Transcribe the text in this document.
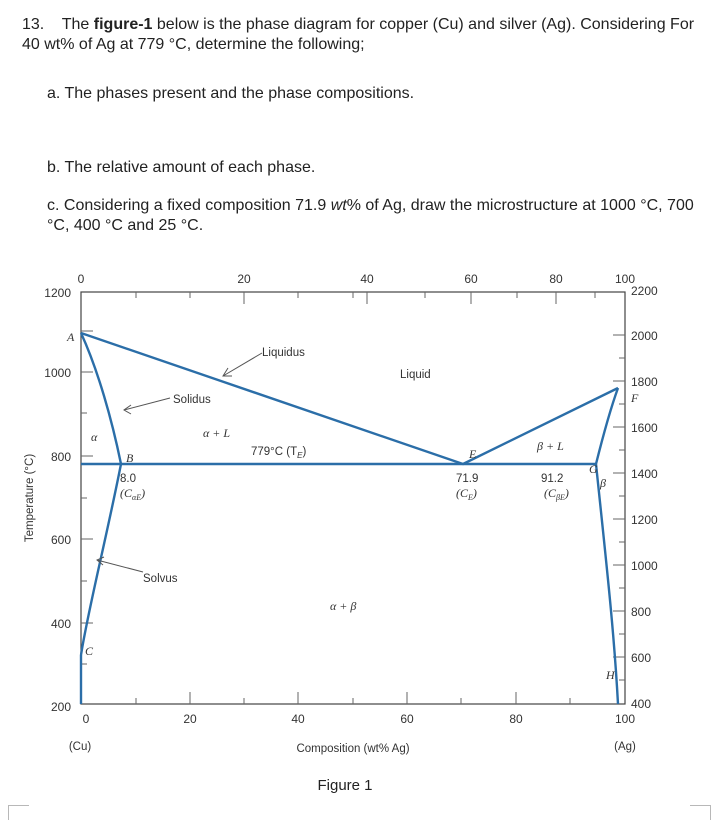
13. The figure-1 below is the phase diagram for copper (Cu) and silver (Ag). Considering For 40 wt% of Ag at 779 °C, determine the following;
a. The phases present and the phase compositions.
b. The relative amount of each phase.
c. Considering a fixed composition 71.9 wt% of Ag, draw the microstructure at 1000 °C, 700 °C, 400 °C and 25 °C.
0	20	40	60	80	100
0	20	40	60	80	100
1200
1000
800
600
400
200
2200
2000
1800
1600
1400
1200
1000
800
600
400
F
Temperature (°C)
Composition (wt% Ag)
(Cu)	(Ag)
Figure 1
A
B
C
E
G
H
Liquidus
Liquid
Solidus
α + L
779°C $(T_E)$	β + L
α + β
Solvus
α
β
8.0
$(C_{\alpha E})$
71.9
$(C_E)$
91.2
$(C_{\beta E})$
